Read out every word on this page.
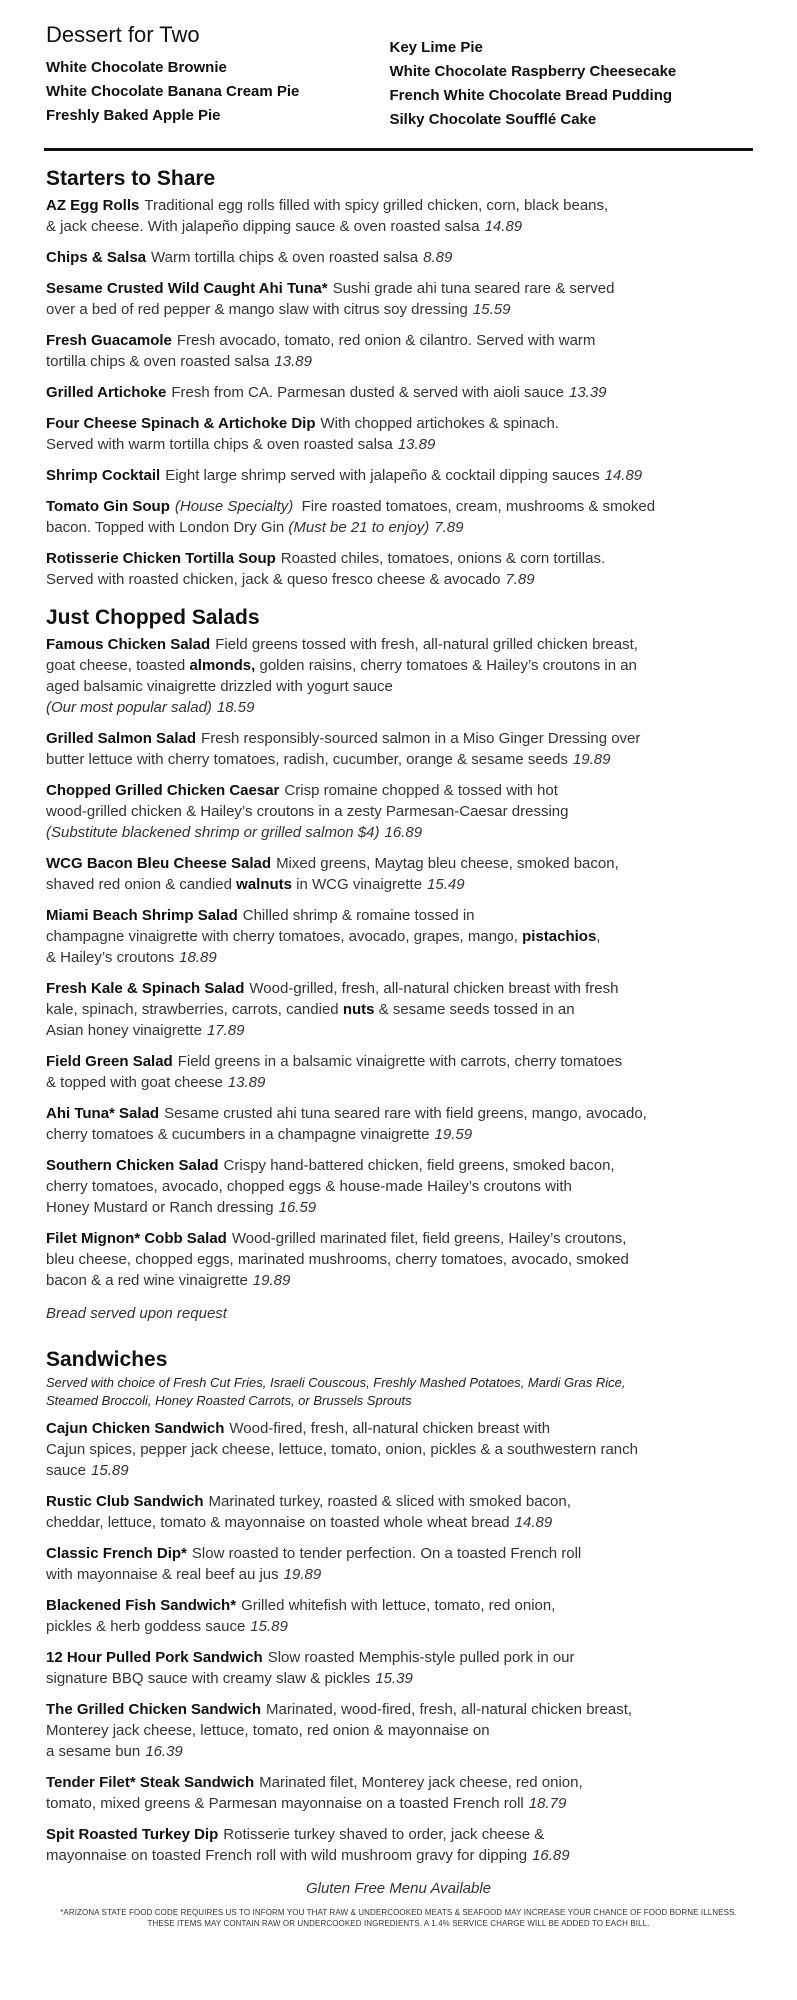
Dessert for Two
White Chocolate Brownie
White Chocolate Banana Cream Pie
Freshly Baked Apple Pie
Key Lime Pie
White Chocolate Raspberry Cheesecake
French White Chocolate Bread Pudding
Silky Chocolate Soufflé Cake
Starters to Share
AZ Egg Rolls Traditional egg rolls filled with spicy grilled chicken, corn, black beans,
& jack cheese. With jalapeño dipping sauce & oven roasted salsa 14.89
Chips & Salsa Warm tortilla chips & oven roasted salsa 8.89
Sesame Crusted Wild Caught Ahi Tuna* Sushi grade ahi tuna seared rare & served
over a bed of red pepper & mango slaw with citrus soy dressing 15.59
Fresh Guacamole Fresh avocado, tomato, red onion & cilantro. Served with warm
tortilla chips & oven roasted salsa 13.89
Grilled Artichoke Fresh from CA. Parmesan dusted & served with aioli sauce 13.39
Four Cheese Spinach & Artichoke Dip With chopped artichokes & spinach.
Served with warm tortilla chips & oven roasted salsa 13.89
Shrimp Cocktail Eight large shrimp served with jalapeño & cocktail dipping sauces 14.89
Tomato Gin Soup (House Specialty) Fire roasted tomatoes, cream, mushrooms & smoked
bacon. Topped with London Dry Gin (Must be 21 to enjoy) 7.89
Rotisserie Chicken Tortilla Soup Roasted chiles, tomatoes, onions & corn tortillas.
Served with roasted chicken, jack & queso fresco cheese & avocado 7.89
Just Chopped Salads
Famous Chicken Salad Field greens tossed with fresh, all-natural grilled chicken breast,
goat cheese, toasted almonds, golden raisins, cherry tomatoes & Hailey’s croutons in an
aged balsamic vinaigrette drizzled with yogurt sauce
(Our most popular salad) 18.59
Grilled Salmon Salad Fresh responsibly-sourced salmon in a Miso Ginger Dressing over
butter lettuce with cherry tomatoes, radish, cucumber, orange & sesame seeds 19.89
Chopped Grilled Chicken Caesar Crisp romaine chopped & tossed with hot
wood-grilled chicken & Hailey’s croutons in a zesty Parmesan-Caesar dressing
(Substitute blackened shrimp or grilled salmon $4) 16.89
WCG Bacon Bleu Cheese Salad Mixed greens, Maytag bleu cheese, smoked bacon,
shaved red onion & candied walnuts in WCG vinaigrette 15.49
Miami Beach Shrimp Salad Chilled shrimp & romaine tossed in
champagne vinaigrette with cherry tomatoes, avocado, grapes, mango, pistachios,
& Hailey’s croutons 18.89
Fresh Kale & Spinach Salad Wood-grilled, fresh, all-natural chicken breast with fresh
kale, spinach, strawberries, carrots, candied nuts & sesame seeds tossed in an
Asian honey vinaigrette 17.89
Field Green Salad Field greens in a balsamic vinaigrette with carrots, cherry tomatoes
& topped with goat cheese 13.89
Ahi Tuna* Salad Sesame crusted ahi tuna seared rare with field greens, mango, avocado,
cherry tomatoes & cucumbers in a champagne vinaigrette 19.59
Southern Chicken Salad Crispy hand-battered chicken, field greens, smoked bacon,
cherry tomatoes, avocado, chopped eggs & house-made Hailey’s croutons with
Honey Mustard or Ranch dressing 16.59
Filet Mignon* Cobb Salad Wood-grilled marinated filet, field greens, Hailey’s croutons,
bleu cheese, chopped eggs, marinated mushrooms, cherry tomatoes, avocado, smoked
bacon & a red wine vinaigrette 19.89
Bread served upon request
Sandwiches
Served with choice of Fresh Cut Fries, Israeli Couscous, Freshly Mashed Potatoes, Mardi Gras Rice,
Steamed Broccoli, Honey Roasted Carrots, or Brussels Sprouts
Cajun Chicken Sandwich Wood-fired, fresh, all-natural chicken breast with
Cajun spices, pepper jack cheese, lettuce, tomato, onion, pickles & a southwestern ranch
sauce 15.89
Rustic Club Sandwich Marinated turkey, roasted & sliced with smoked bacon,
cheddar, lettuce, tomato & mayonnaise on toasted whole wheat bread 14.89
Classic French Dip* Slow roasted to tender perfection. On a toasted French roll
with mayonnaise & real beef au jus 19.89
Blackened Fish Sandwich* Grilled whitefish with lettuce, tomato, red onion,
pickles & herb goddess sauce 15.89
12 Hour Pulled Pork Sandwich Slow roasted Memphis-style pulled pork in our
signature BBQ sauce with creamy slaw & pickles 15.39
The Grilled Chicken Sandwich Marinated, wood-fired, fresh, all-natural chicken breast,
Monterey jack cheese, lettuce, tomato, red onion & mayonnaise on
a sesame bun 16.39
Tender Filet* Steak Sandwich Marinated filet, Monterey jack cheese, red onion,
tomato, mixed greens & Parmesan mayonnaise on a toasted French roll 18.79
Spit Roasted Turkey Dip Rotisserie turkey shaved to order, jack cheese &
mayonnaise on toasted French roll with wild mushroom gravy for dipping 16.89
Gluten Free Menu Available
*ARIZONA STATE FOOD CODE REQUIRES US TO INFORM YOU THAT RAW & UNDERCOOKED MEATS & SEAFOOD MAY INCREASE YOUR CHANCE OF FOOD BORNE ILLNESS.
THESE ITEMS MAY CONTAIN RAW OR UNDERCOOKED INGREDIENTS. A 1.4% SERVICE CHARGE WILL BE ADDED TO EACH BILL.
